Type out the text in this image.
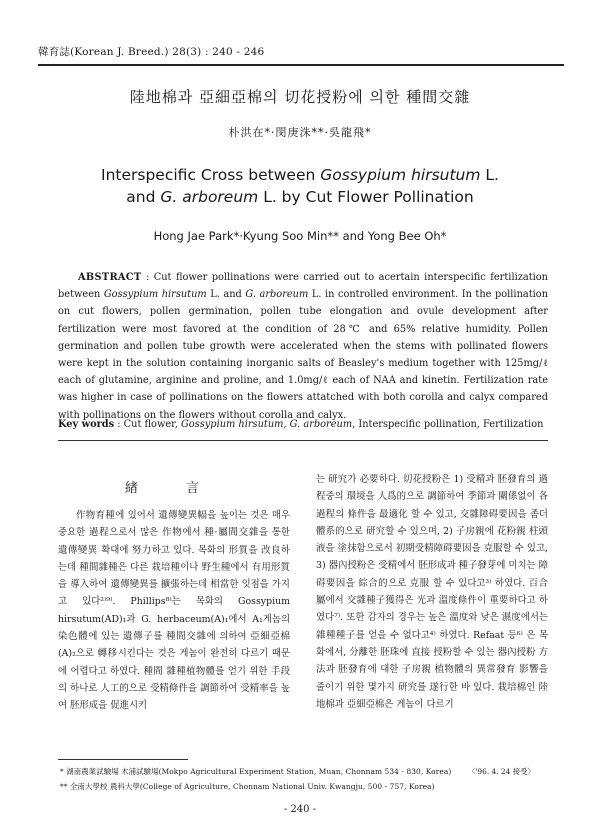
韓育誌(Korean J. Breed.) 28(3) : 240 - 246
陸地棉과 亞細亞棉의 切花授粉에 의한 種間交雜
朴洪在*·閔庚洙**·吳龍飛*
Interspecific Cross between Gossypium hirsutum L.
and G. arboreum L. by Cut Flower Pollination
Hong Jae Park*·Kyung Soo Min** and Yong Bee Oh*
ABSTRACT : Cut flower pollinations were carried out to acertain interspecific fertilization between Gossypium hirsutum L. and G. arboreum L. in controlled environment. In the pollination on cut flowers, pollen germination, pollen tube elongation and ovule development after fertilization were most favored at the condition of 28℃ and 65% relative humidity. Pollen germination and pollen tube growth were accelerated when the stems with pollinated flowers were kept in the solution containing inorganic salts of Beasley's medium together with 125mg/ℓ each of glutamine, arginine and proline, and 1.0mg/ℓ each of NAA and kinetin. Fertilization rate was higher in case of pollinations on the flowers attatched with both corolla and calyx compared with pollinations on the flowers without corolla and calyx.
Key words : Cut flower, Gossypium hirsutum, G. arboreum, Interspecific pollination, Fertilization
緖 言
作物育種에 있어서 遺傳變異幅을 높이는 것은 매우 중요한 過程으로서 많은 作物에서 種·屬間交雜을 통한 遺傳變異 확대에 努力하고 있다. 목화의 形質을 改良하는데 種間雜種은 다른 栽培種이나 野生種에서 有用形質을 導入하여 遺傳變異를 擴張하는데 相當한 잇점을 가지고 있다²⁾⁹⁾. Phillips⁸⁾는 목화의 Gossypium hirsutum(AD)₁과 G. herbaceum(A)₁에서 A₁게놈의 染色體에 있는 遺傳子를 種間交雜에 의하여 亞細亞棉(A)₂으로 轉移시킨다는 것은 게놈이 완전히 다르기 때문에 어렵다고 하였다. 種間 雜種植物體를 얻기 위한 手段의 하나로 人工的으로 受精條件을 調節하여 受精率을 높여 胚形成을 促進시키
는 研究가 必要하다. 切花授粉은 1) 受精과 胚發育의 過程중의 環境을 人爲的으로 調節하여 季節과 關係없이 各 過程의 條件을 最適化 할 수 있고, 交雜障碍要因을 좀더 體系的으로 研究할 수 있으며, 2) 子房親에 花粉親 柱頭液을 塗抹함으로서 初期受精障碍要因을 克服할 수 있고, 3) 器內授粉은 受精에서 胚形成과 種子發芽에 미치는 障碍要因을 綜合的으로 克服 할 수 있다고³⁾ 하였다. 百合屬에서 交雜種子獲得은 光과 溫度條件이 重要하다고 하였다⁷⁾. 또한 감자의 경우는 높은 溫度와 낮은 濕度에서는 雜種種子를 얻을 수 없다고⁴⁾ 하였다. Refaat 등⁶⁾ 은 목화에서, 分離한 胚珠에 直接 授粉할 수 있는 器內授粉 方法과 胚發育에 대한 子房親 植物體의 異常發育 影響을 줄이기 위한 몇가지 研究를 遂行한 바 있다. 栽培棉인 陸地棉과 亞細亞棉은 게놈이 다르기
* 湖南農業試驗場 木浦試驗場(Mokpo Agricultural Experiment Station, Muan, Chonnam 534 - 830, Korea)
** 全南大學校 農科大學(College of Agriculture, Chonnam National Univ. Kwangju, 500 - 757, Korea)
〈'96. 4. 24 接受〉
- 240 -
